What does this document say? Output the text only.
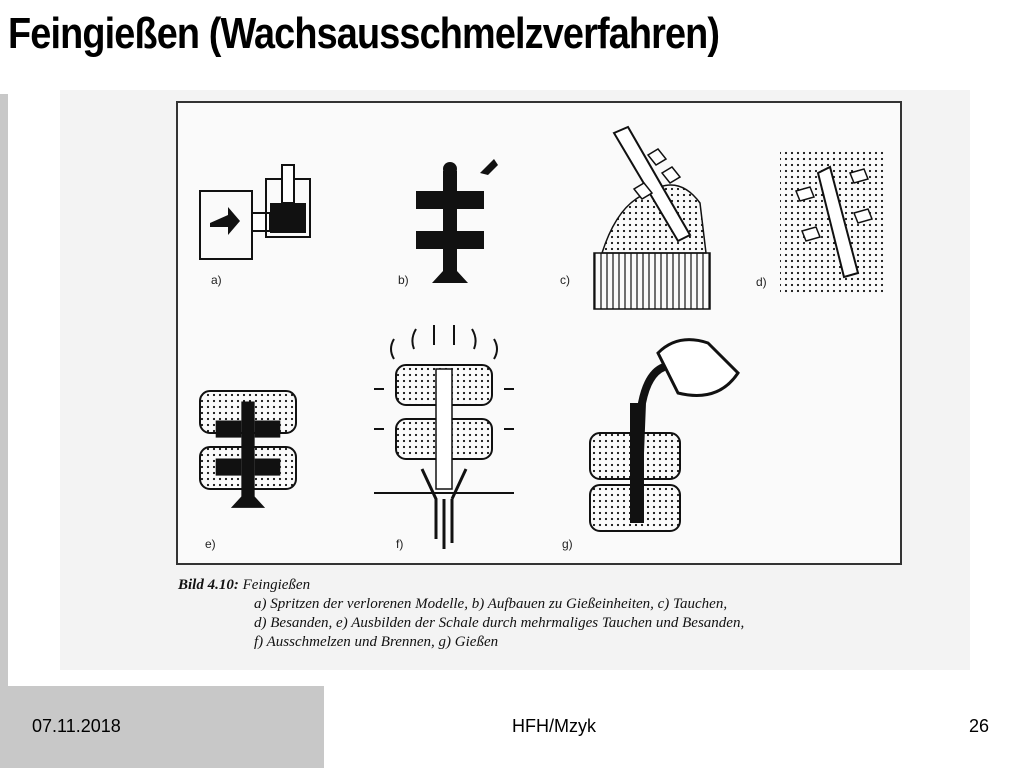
Feingießen (Wachsausschmelzverfahren)
a)	b)	c)	d)
e)	f)	g)
Bild 4.10: Feingießen
a) Spritzen der verlorenen Modelle, b) Aufbauen zu Gießeinheiten, c) Tauchen,
d) Besanden, e) Ausbilden der Schale durch mehrmaliges Tauchen und Besanden,
f) Ausschmelzen und Brennen, g) Gießen
07.11.2018	HFH/Mzyk	26
